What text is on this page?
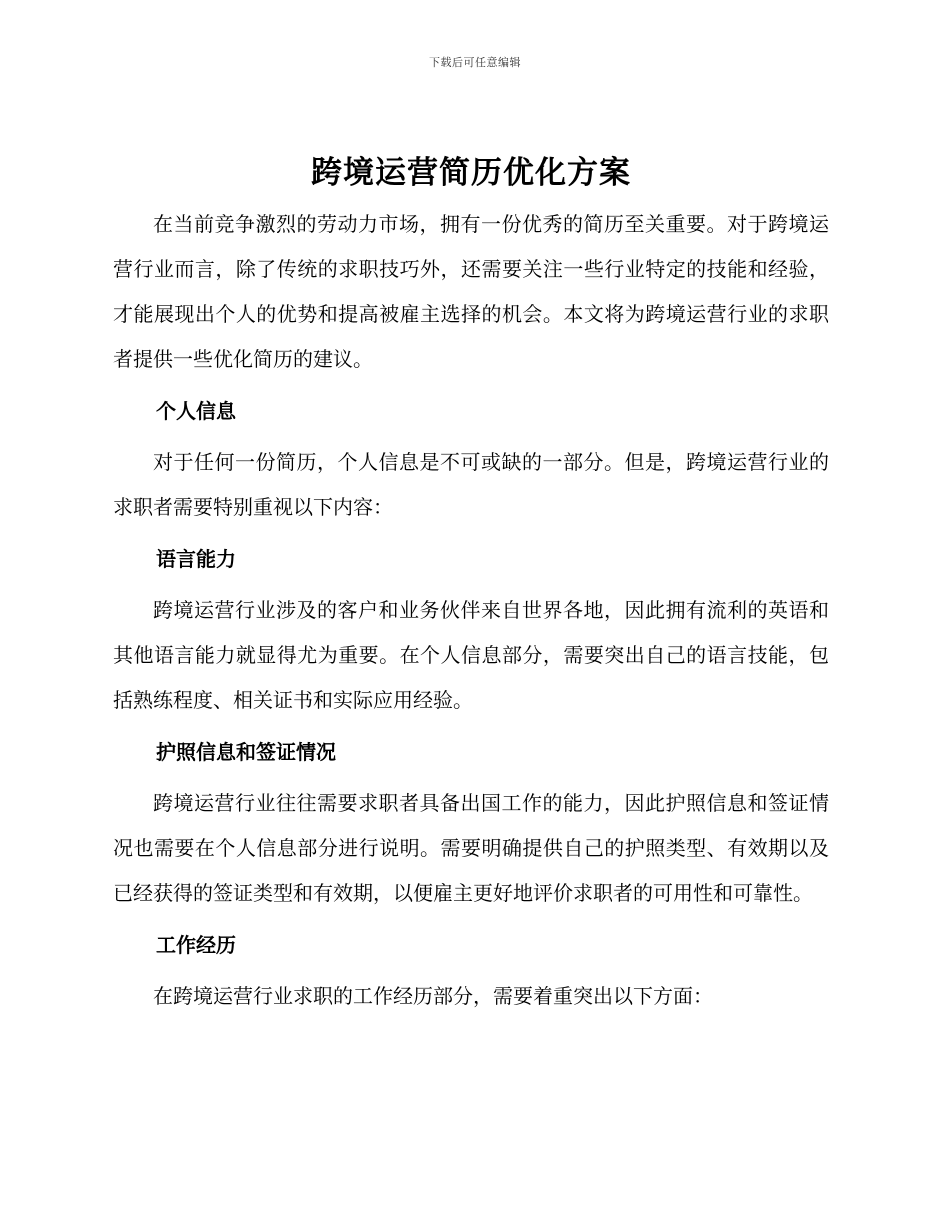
下载后可任意编辑
跨境运营简历优化方案

在当前竞争激烈的劳动力市场，拥有一份优秀的简历至关重要。对于跨境运营行业而言，除了传统的求职技巧外，还需要关注一些行业特定的技能和经验，才能展现出个人的优势和提高被雇主选择的机会。本文将为跨境运营行业的求职者提供一些优化简历的建议。

个人信息

对于任何一份简历，个人信息是不可或缺的一部分。但是，跨境运营行业的求职者需要特别重视以下内容：

语言能力

跨境运营行业涉及的客户和业务伙伴来自世界各地，因此拥有流利的英语和其他语言能力就显得尤为重要。在个人信息部分，需要突出自己的语言技能，包括熟练程度、相关证书和实际应用经验。

护照信息和签证情况

跨境运营行业往往需要求职者具备出国工作的能力，因此护照信息和签证情况也需要在个人信息部分进行说明。需要明确提供自己的护照类型、有效期以及已经获得的签证类型和有效期，以便雇主更好地评价求职者的可用性和可靠性。

工作经历

在跨境运营行业求职的工作经历部分，需要着重突出以下方面：
